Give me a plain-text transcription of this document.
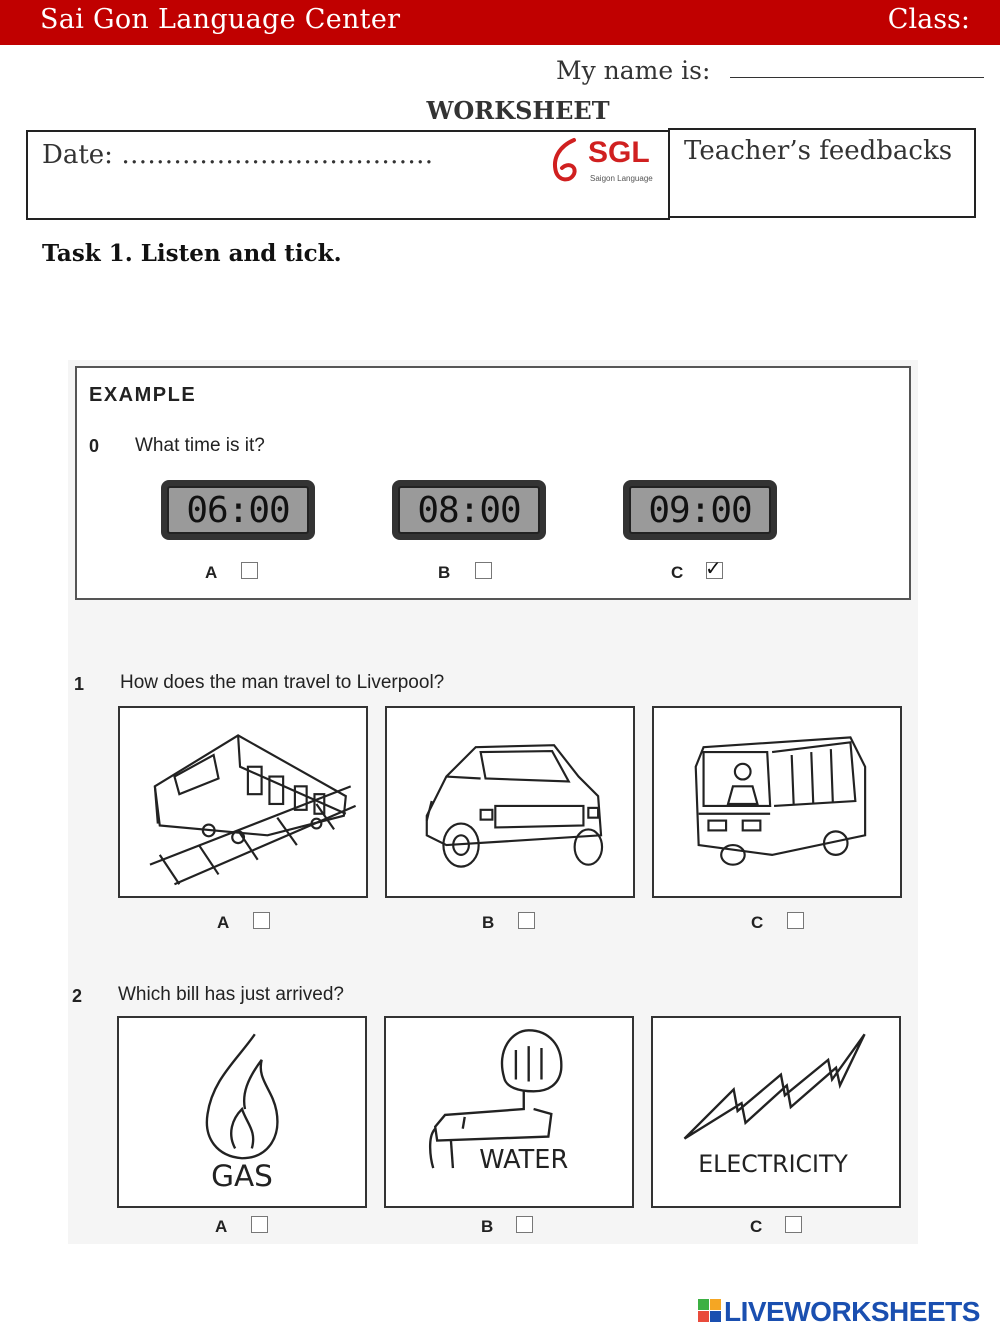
Sai Gon Language Center	Class:
My name is:
WORKSHEET
Date: ………………………………	SGL
Saigon Language
Teacher’s feedbacks
Task 1. Listen and tick.
EXAMPLE
0 What time is it?
06:00	08:00	09:00
A	B	C ✓
1 How does the man travel to Liverpool?
A	B	C
2 Which bill has just arrived?
GAS	WATER	ELECTRICITY
A	B	C
LIVEWORKSHEETS
